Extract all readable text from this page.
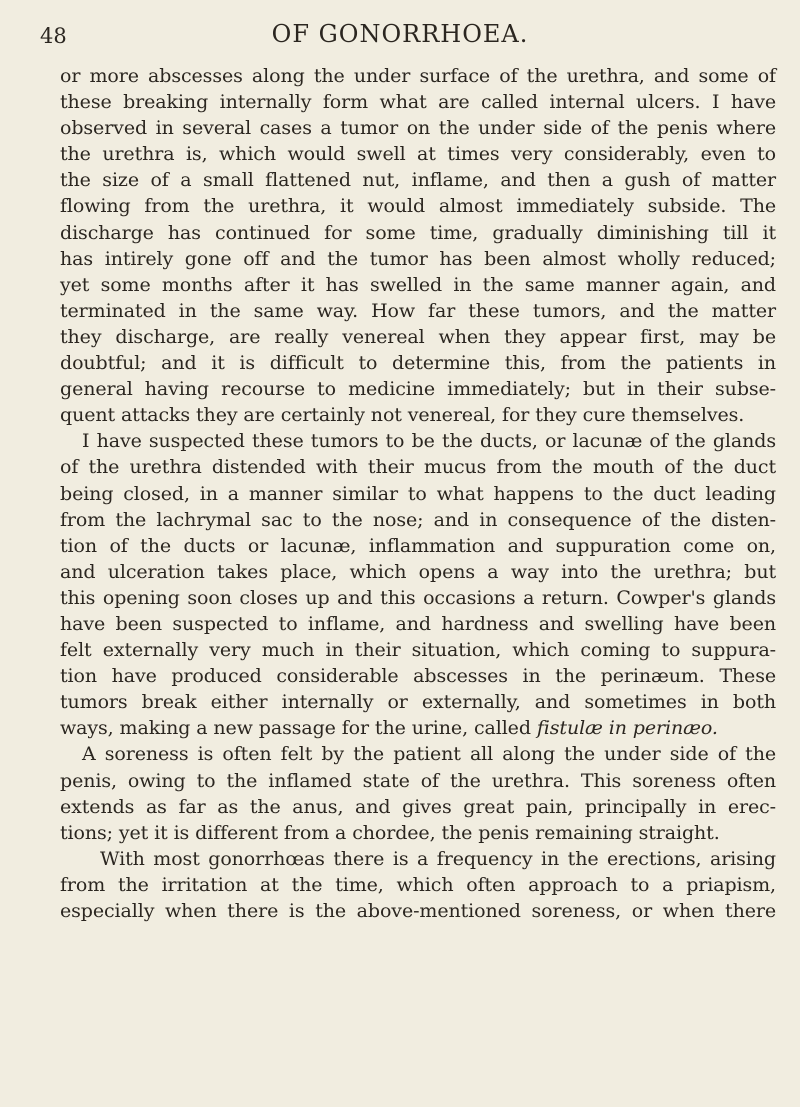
48	OF GONORRHOEA.
or more abscesses along the under surface of the urethra, and some of
these breaking internally form what are called internal ulcers. I have
observed in several cases a tumor on the under side of the penis where
the urethra is, which would swell at times very considerably, even to
the size of a small flattened nut, inflame, and then a gush of matter
flowing from the urethra, it would almost immediately subside. The
discharge has continued for some time, gradually diminishing till it
has intirely gone off and the tumor has been almost wholly reduced;
yet some months after it has swelled in the same manner again, and
terminated in the same way. How far these tumors, and the matter
they discharge, are really venereal when they appear first, may be
doubtful; and it is difficult to determine this, from the patients in
general having recourse to medicine immediately; but in their subse-
quent attacks they are certainly not venereal, for they cure themselves.
I have suspected these tumors to be the ducts, or lacunæ of the glands
of the urethra distended with their mucus from the mouth of the duct
being closed, in a manner similar to what happens to the duct leading
from the lachrymal sac to the nose; and in consequence of the disten-
tion of the ducts or lacunæ, inflammation and suppuration come on,
and ulceration takes place, which opens a way into the urethra; but
this opening soon closes up and this occasions a return. Cowper's glands
have been suspected to inflame, and hardness and swelling have been
felt externally very much in their situation, which coming to suppura-
tion have produced considerable abscesses in the perinæum. These
tumors break either internally or externally, and sometimes in both
ways, making a new passage for the urine, called fistulæ in perinæo.
A soreness is often felt by the patient all along the under side of the
penis, owing to the inflamed state of the urethra. This soreness often
extends as far as the anus, and gives great pain, principally in erec-
tions; yet it is different from a chordee, the penis remaining straight.
With most gonorrhœas there is a frequency in the erections, arising
from the irritation at the time, which often approach to a priapism,
especially when there is the above-mentioned soreness, or when there
